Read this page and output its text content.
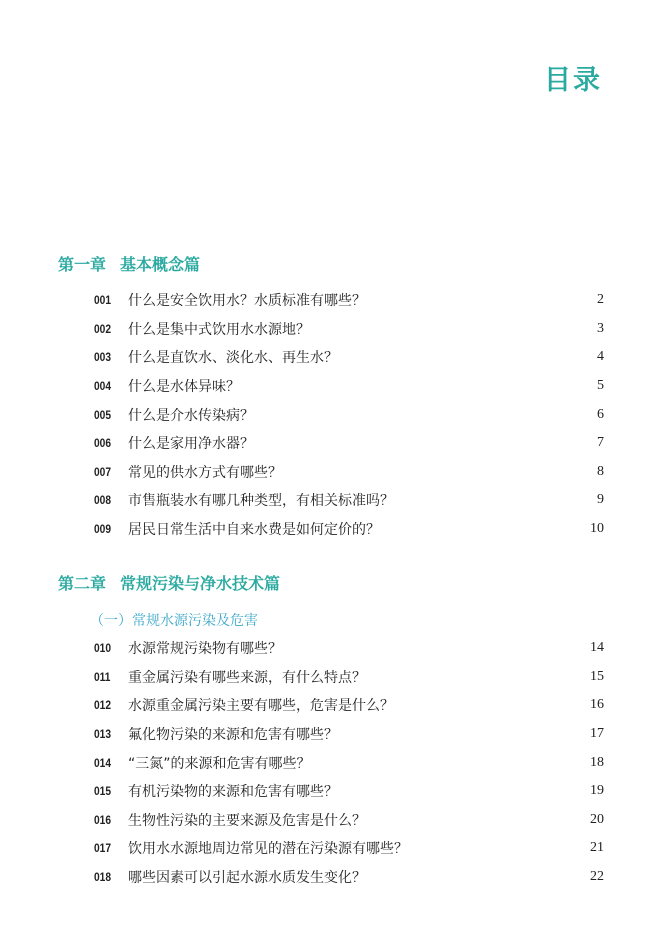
目录
第一章 基本概念篇
001	什么是安全饮用水？水质标准有哪些？	2
002	什么是集中式饮用水水源地？	3
003	什么是直饮水、淡化水、再生水？	4
004	什么是水体异味？	5
005	什么是介水传染病？	6
006	什么是家用净水器？	7
007	常见的供水方式有哪些？	8
008	市售瓶装水有哪几种类型，有相关标准吗？	9
009	居民日常生活中自来水费是如何定价的？	10
第二章 常规污染与净水技术篇
（一）常规水源污染及危害
010	水源常规污染物有哪些？	14
011	重金属污染有哪些来源，有什么特点？	15
012	水源重金属污染主要有哪些，危害是什么？	16
013	氟化物污染的来源和危害有哪些？	17
014	“三氮”的来源和危害有哪些？	18
015	有机污染物的来源和危害有哪些？	19
016	生物性污染的主要来源及危害是什么？	20
017	饮用水水源地周边常见的潜在污染源有哪些？	21
018	哪些因素可以引起水源水质发生变化？	22
